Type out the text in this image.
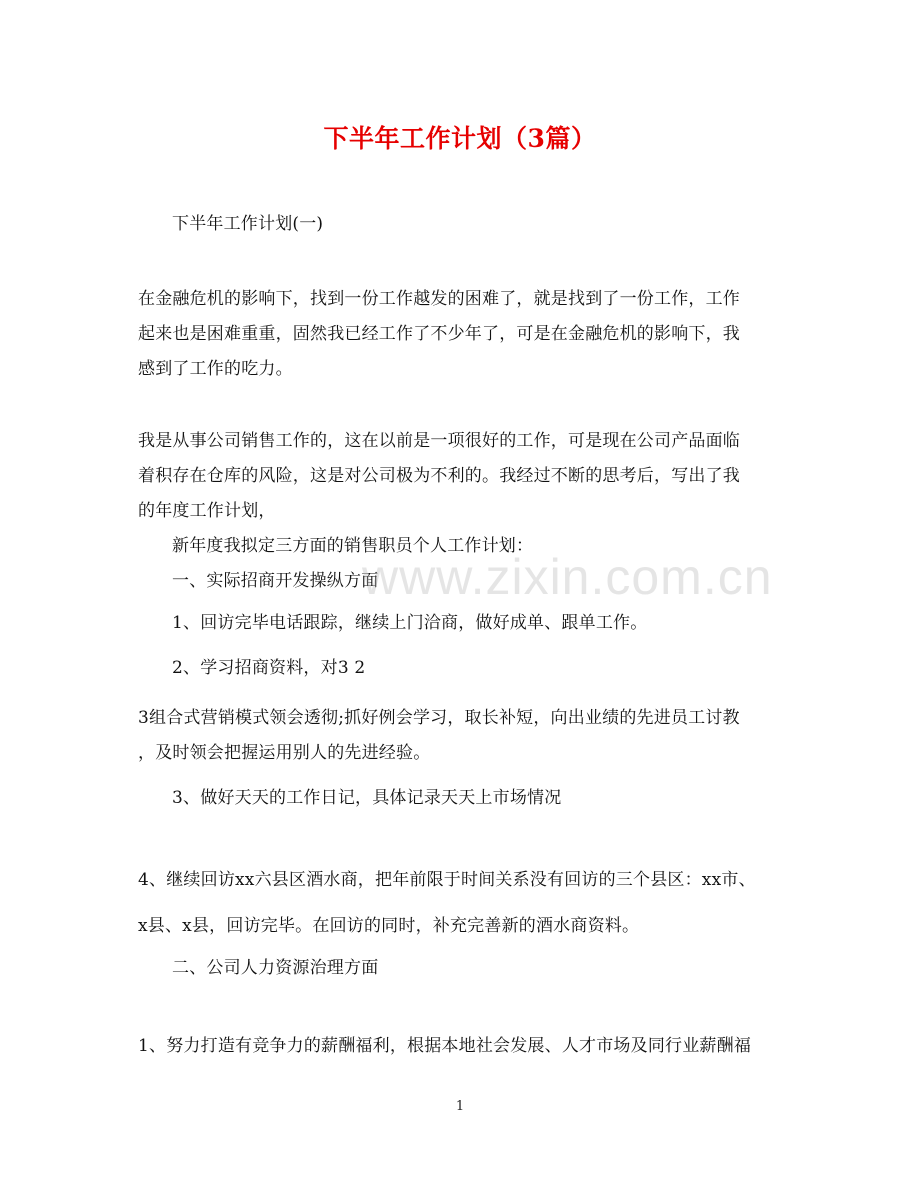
下半年工作计划（3篇）
下半年工作计划(一)
在金融危机的影响下，找到一份工作越发的困难了，就是找到了一份工作，工作
起来也是困难重重，固然我已经工作了不少年了，可是在金融危机的影响下，我
感到了工作的吃力。
我是从事公司销售工作的，这在以前是一项很好的工作，可是现在公司产品面临
着积存在仓库的风险，这是对公司极为不利的。我经过不断的思考后，写出了我
的年度工作计划，
新年度我拟定三方面的销售职员个人工作计划：
一、实际招商开发操纵方面
1、回访完毕电话跟踪，继续上门洽商，做好成单、跟单工作。
2、学习招商资料，对3 2
3组合式营销模式领会透彻;抓好例会学习，取长补短，向出业绩的先进员工讨教
，及时领会把握运用别人的先进经验。
3、做好天天的工作日记，具体记录天天上市场情况
4、继续回访xx六县区酒水商，把年前限于时间关系没有回访的三个县区：xx市、
x县、x县，回访完毕。在回访的同时，补充完善新的酒水商资料。
二、公司人力资源治理方面
1、努力打造有竞争力的薪酬福利，根据本地社会发展、人才市场及同行业薪酬福
www.zixin.com.cn
1
